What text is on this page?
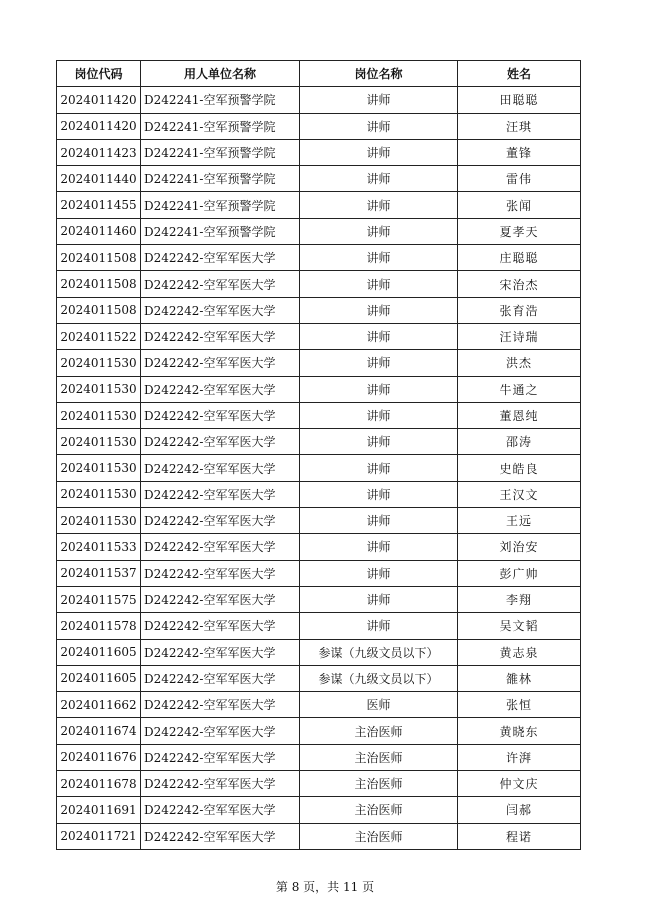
岗位代码	用人单位名称	岗位名称	姓名
2024011420	D242241-空军预警学院	讲师	田聪聪
2024011420	D242241-空军预警学院	讲师	汪琪
2024011423	D242241-空军预警学院	讲师	董锋
2024011440	D242241-空军预警学院	讲师	雷伟
2024011455	D242241-空军预警学院	讲师	张闻
2024011460	D242241-空军预警学院	讲师	夏孝天
2024011508	D242242-空军军医大学	讲师	庄聪聪
2024011508	D242242-空军军医大学	讲师	宋治杰
2024011508	D242242-空军军医大学	讲师	张育浩
2024011522	D242242-空军军医大学	讲师	汪诗瑞
2024011530	D242242-空军军医大学	讲师	洪杰
2024011530	D242242-空军军医大学	讲师	牛通之
2024011530	D242242-空军军医大学	讲师	董恩纯
2024011530	D242242-空军军医大学	讲师	邵涛
2024011530	D242242-空军军医大学	讲师	史皓良
2024011530	D242242-空军军医大学	讲师	王汉文
2024011530	D242242-空军军医大学	讲师	王远
2024011533	D242242-空军军医大学	讲师	刘治安
2024011537	D242242-空军军医大学	讲师	彭广帅
2024011575	D242242-空军军医大学	讲师	李翔
2024011578	D242242-空军军医大学	讲师	吴文韬
2024011605	D242242-空军军医大学	参谋（九级文员以下）	黄志泉
2024011605	D242242-空军军医大学	参谋（九级文员以下）	雒林
2024011662	D242242-空军军医大学	医师	张恒
2024011674	D242242-空军军医大学	主治医师	黄晓东
2024011676	D242242-空军军医大学	主治医师	许湃
2024011678	D242242-空军军医大学	主治医师	仲文庆
2024011691	D242242-空军军医大学	主治医师	闫郝
2024011721	D242242-空军军医大学	主治医师	程诺
第 8 页，共 11 页
